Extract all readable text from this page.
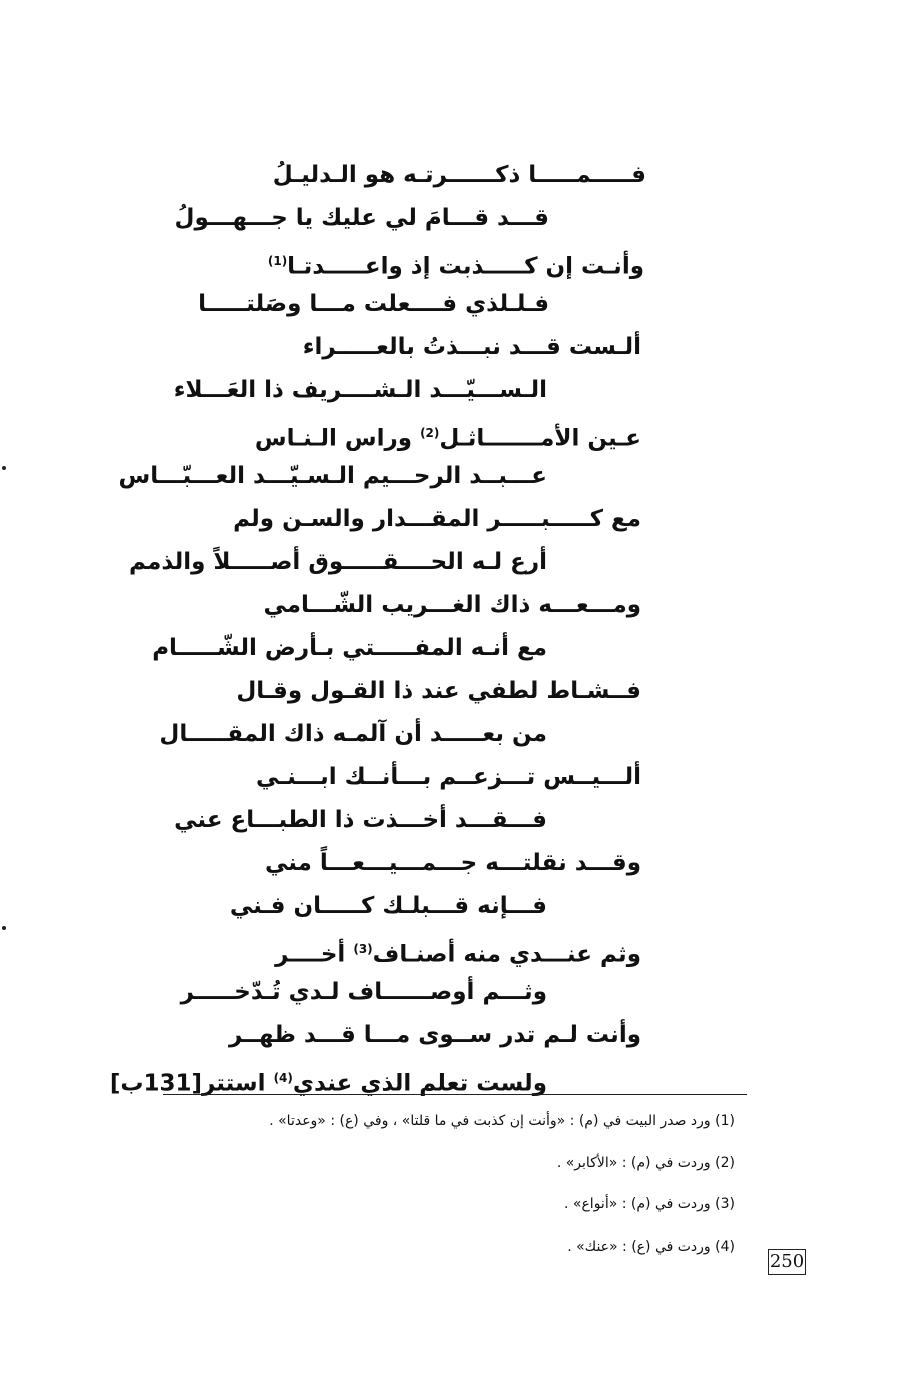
فـــــمـــــا ذكــــــرتـه هو الـدليـلُ
قـــد قـــامَ لي عليك يا جـــهـــولُ
وأنـت إن كـــــذبت إذ واعـــــدتـا$^{(1)}$
فـلـلذي فــــعلت مـــا وصَلتـــــا
ألـست قـــد نبـــذتُ بالعـــــراء
الـســـيّـــد الـشــــريف ذا العَـــلاء
عـين الأمـــــــاثـل$^{(2)}$ وراس الـنـاس
عـــبــد الرحـــيم الـسـيّـــد العـــبّـــاس
مع كـــــبـــــر المقـــدار والسـن ولم
أرع لـه الحــــقـــــوق أصـــــلاً والذمم
ومـــعـــه ذاك الغـــريب الشّـــامي
مع أنـه المفـــــتي بـأرض الشّـــــام
فــشـاط لطفي عند ذا القـول وقـال
من بعـــــد أن آلمـه ذاك المقـــــال
ألـــيــس تـــزعــم بـــأنــك ابـــنـي
فـــقـــد أخـــذت ذا الطبـــاع عني
وقـــد نقلتـــه جـــمـــيـــعـــاً مني
فـــإنه قـــبلـك كـــــان فـني
وثم عنـــدي منه أصنـاف$^{(3)}$ أخــــر
وثـــم أوصــــــاف لـدي تُـدّخـــــر
وأنت لـم تدر ســوى مـــا قـــد ظهــر
ولست تعلم الذي عندي$^{(4)}$ استتر[131ب]
(1) ورد صدر البيت في (م) : «وأنت إن كذبت في ما قلتا» ، وفي (ع) : «وعدتا» .
(2) وردت في (م) : «الأكابر» .
(3) وردت في (م) : «أنواع» .
(4) وردت في (ع) : «عنك» .
250
